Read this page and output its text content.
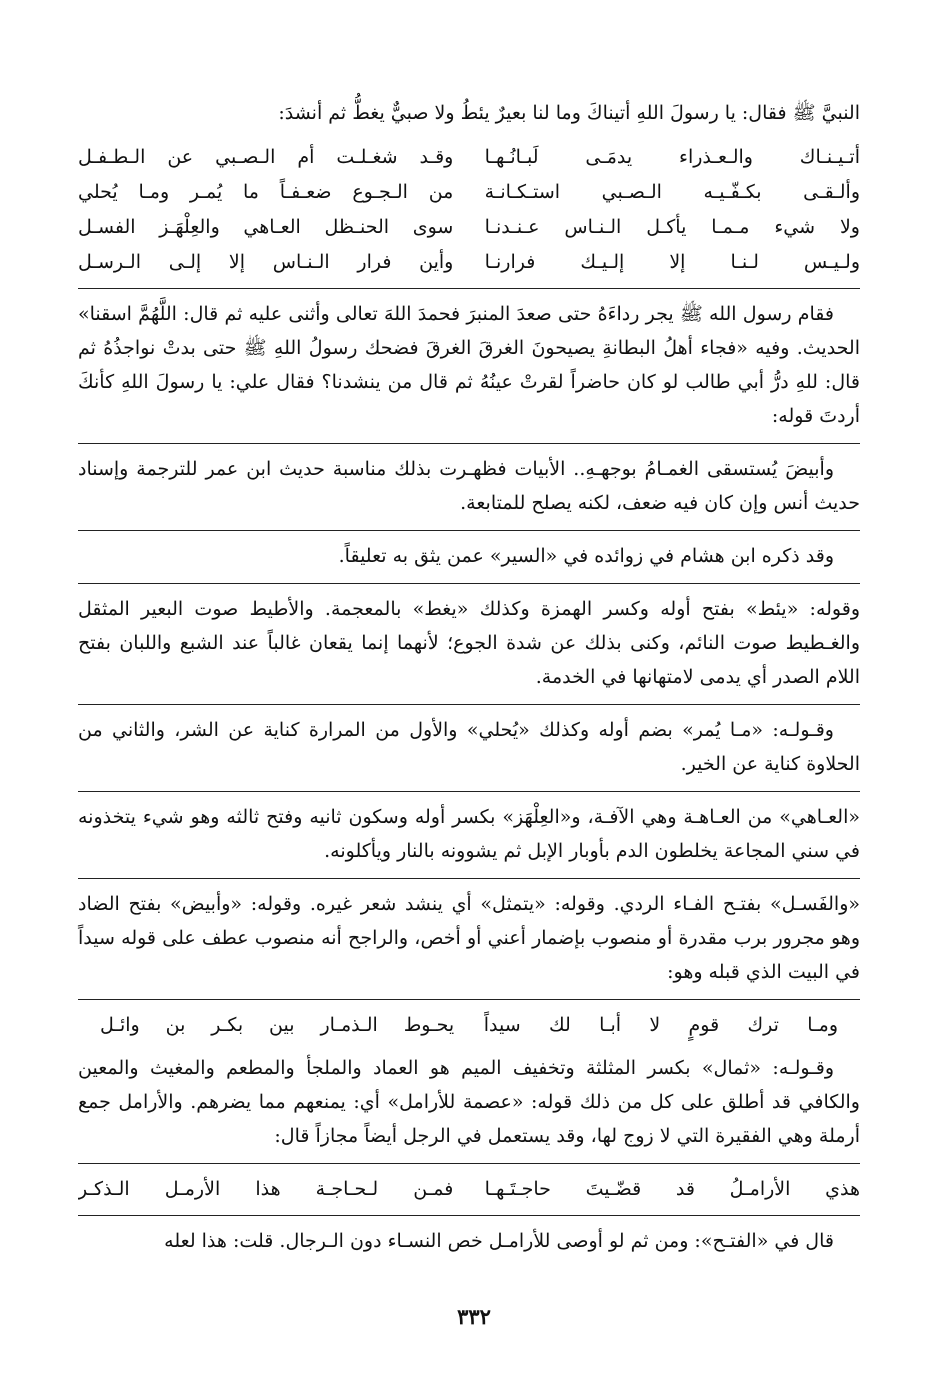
النبيَّ ﷺ فقال: يا رسولَ اللهِ أتيناكَ وما لنا بعيرٌ يئطُ ولا صبيٌّ يغطُّ ثم أنشدَ:

أتـيـنـاك والـعـذراء يدمَـى لَبـانُـهـا
وقـد شغـلـت أم الـصـبي عن الـطـفـل
وألـقـى بكـفّـيـه الـصـبي استـكـانـة
من الـجـوع ضعـفـاً ما يُمـر ومـا يُحلي
ولا شيء مـمـا يأكـل الـنـاس عـنـدنـا
سوى الحنـظل العـاهي والعِلْهَـز الفسـل
ولـيـس لـنـا إلا إلـيـك فرارنـا
وأين فرار الـنـاس إلا إلـى الـرسـل

فقام رسول الله ﷺ يجر رداءَهُ حتى صعدَ المنبرَ فحمدَ اللهَ تعالى وأثنى عليه ثم قال: اللَّهُمَّ اسقنا» الحديث. وفيه «فجاء أهلُ البطانةِ يصيحونَ الغرقَ الغرقَ فضحك رسولُ اللهِ ﷺ حتى بدتْ نواجذُهُ ثم قال: للهِ درُّ أبي طالب لو كان حاضراً لقرتْ عينُهُ ثم قال من ينشدنا؟ فقال علي: يا رسولَ اللهِ كأنكَ أردتَ قوله:

وأبيضَ يُستسقى الغمـامُ بوجهـهِ.. الأبيات فظهـرت بذلك مناسبة حديث ابن عمر للترجمة وإسناد حديث أنس وإن كان فيه ضعف، لكنه يصلح للمتابعة.

وقد ذكره ابن هشام في زوائده في «السير» عمن يثق به تعليقاً.

وقوله: «يئط» بفتح أوله وكسر الهمزة وكذلك «يغط» بالمعجمة. والأطيط صوت البعير المثقل والغـطيط صوت النائم، وكنى بذلك عن شدة الجوع؛ لأنهما إنما يقعان غالباً عند الشبع واللبان بفتح اللام الصدر أي يدمى لامتهانها في الخدمة.

وقـولـه: «مـا يُمر» بضم أوله وكذلك «يُحلي» والأول من المرارة كناية عن الشر، والثاني من الحلاوة كناية عن الخير.

«العـاهي» من العـاهـة وهي الآفـة، و«العِلْهَز» بكسر أوله وسكون ثانيه وفتح ثالثه وهو شيء يتخذونه في سني المجاعة يخلطون الدم بأوبار الإبل ثم يشوونه بالنار ويأكلونه.

«والفَسـل» بفتـح الفـاء الردي. وقوله: «يتمثل» أي ينشد شعر غيره. وقوله: «وأبيض» بفتح الضاد وهو مجرور برب مقدرة أو منصوب بإضمار أعني أو أخص، والراجح أنه منصوب عطف على قوله سيداً في البيت الذي قبله وهو:

ومـا ترك قومٍ لا أبـا لك سيداً
يحـوط الـذمـار بين بكـر بن وائـل

وقـولـه: «ثمال» بكسر المثلثة وتخفيف الميم هو العماد والملجأ والمطعم والمغيث والمعين والكافي قد أطلق على كل من ذلك قوله: «عصمة للأرامل» أي: يمنعهم مما يضرهم. والأرامل جمع أرملة وهي الفقيرة التي لا زوج لها، وقد يستعمل في الرجل أيضاً مجازاً قال:

هذي الأرامـلُ قد قضّـيتَ حاجـتَـهـا
فمـن لـحـاجـة هذا الأرمـل الـذكـر

قال في «الفتـح»: ومن ثم لو أوصى للأرامـل خص النسـاء دون الـرجال. قلت: هذا لعله

٣٣٢
